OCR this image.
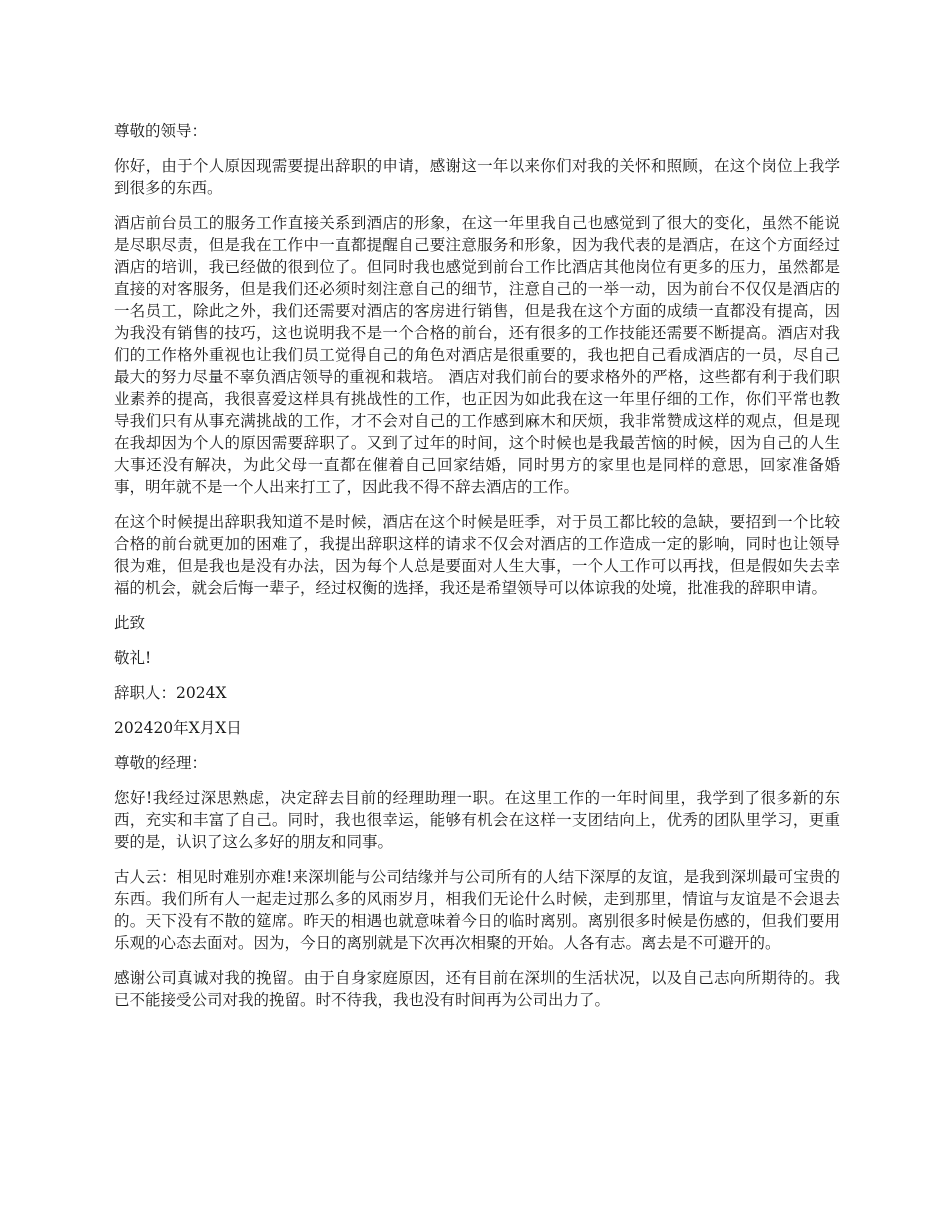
尊敬的领导：

你好，由于个人原因现需要提出辞职的申请，感谢这一年以来你们对我的关怀和照顾，在这个岗位上我学到很多的东西。

酒店前台员工的服务工作直接关系到酒店的形象，在这一年里我自己也感觉到了很大的变化，虽然不能说是尽职尽责，但是我在工作中一直都提醒自己要注意服务和形象，因为我代表的是酒店，在这个方面经过酒店的培训，我已经做的很到位了。但同时我也感觉到前台工作比酒店其他岗位有更多的压力，虽然都是直接的对客服务，但是我们还必须时刻注意自己的细节，注意自己的一举一动，因为前台不仅仅是酒店的一名员工，除此之外，我们还需要对酒店的客房进行销售，但是我在这个方面的成绩一直都没有提高，因为我没有销售的技巧，这也说明我不是一个合格的前台，还有很多的工作技能还需要不断提高。酒店对我们的工作格外重视也让我们员工觉得自己的角色对酒店是很重要的，我也把自己看成酒店的一员，尽自己最大的努力尽量不辜负酒店领导的重视和栽培。 酒店对我们前台的要求格外的严格，这些都有利于我们职业素养的提高，我很喜爱这样具有挑战性的工作，也正因为如此我在这一年里仔细的工作，你们平常也教导我们只有从事充满挑战的工作，才不会对自己的工作感到麻木和厌烦，我非常赞成这样的观点，但是现在我却因为个人的原因需要辞职了。又到了过年的时间，这个时候也是我最苦恼的时候，因为自己的人生大事还没有解决，为此父母一直都在催着自己回家结婚，同时男方的家里也是同样的意思，回家准备婚事，明年就不是一个人出来打工了，因此我不得不辞去酒店的工作。

在这个时候提出辞职我知道不是时候，酒店在这个时候是旺季，对于员工都比较的急缺，要招到一个比较合格的前台就更加的困难了，我提出辞职这样的请求不仅会对酒店的工作造成一定的影响，同时也让领导很为难，但是我也是没有办法，因为每个人总是要面对人生大事，一个人工作可以再找，但是假如失去幸福的机会，就会后悔一辈子，经过权衡的选择，我还是希望领导可以体谅我的处境，批准我的辞职申请。

此致

敬礼!

辞职人：2024X

202420年X月X日

尊敬的经理：

您好!我经过深思熟虑，决定辞去目前的经理助理一职。在这里工作的一年时间里，我学到了很多新的东西，充实和丰富了自己。同时，我也很幸运，能够有机会在这样一支团结向上，优秀的团队里学习，更重要的是，认识了这么多好的朋友和同事。

古人云：相见时难别亦难!来深圳能与公司结缘并与公司所有的人结下深厚的友谊，是我到深圳最可宝贵的东西。我们所有人一起走过那么多的风雨岁月，相我们无论什么时候，走到那里，情谊与友谊是不会退去的。天下没有不散的筵席。昨天的相遇也就意味着今日的临时离别。离别很多时候是伤感的，但我们要用乐观的心态去面对。因为，今日的离别就是下次再次相聚的开始。人各有志。离去是不可避开的。

感谢公司真诚对我的挽留。由于自身家庭原因，还有目前在深圳的生活状况，以及自己志向所期待的。我已不能接受公司对我的挽留。时不待我，我也没有时间再为公司出力了。
